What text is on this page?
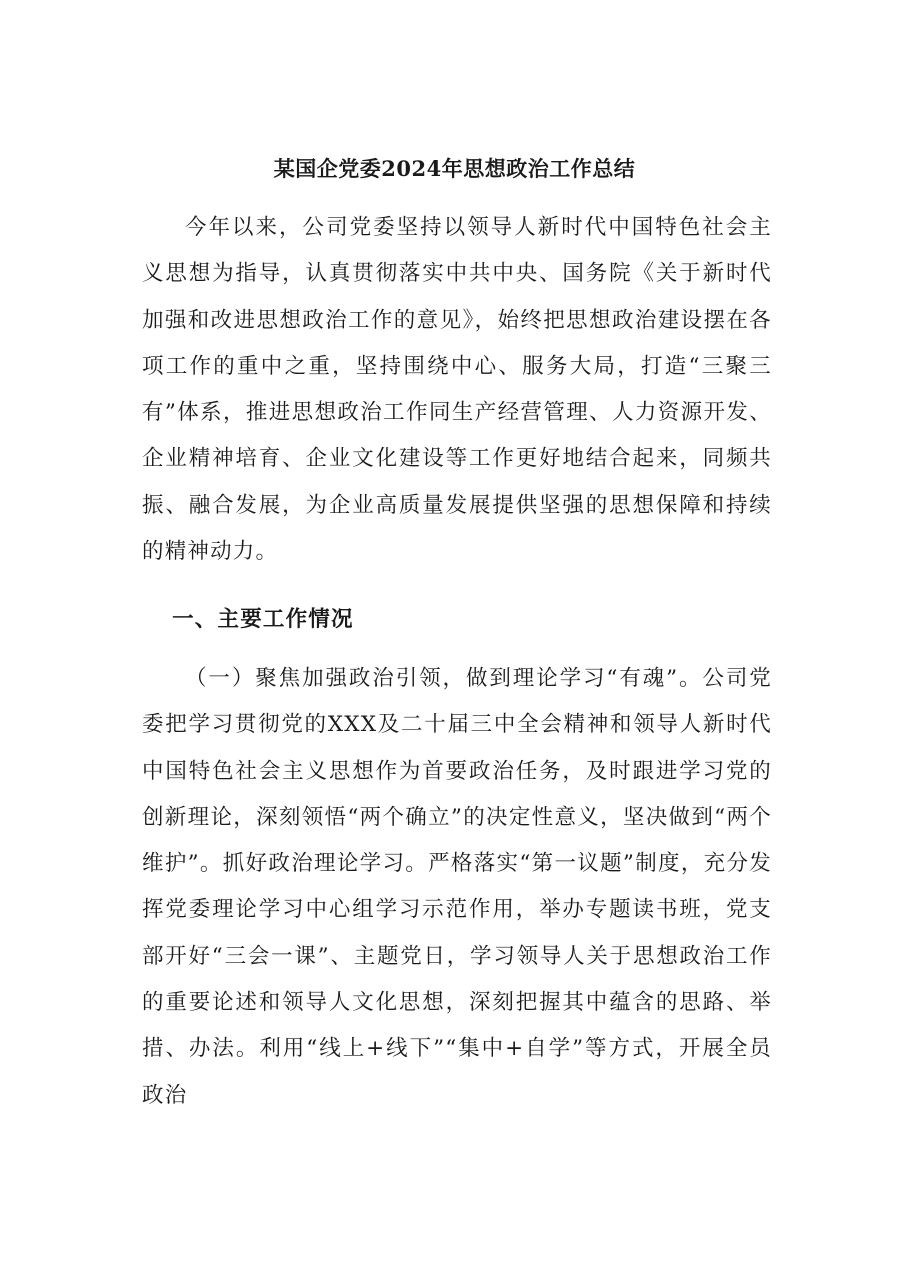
某国企党委2024年思想政治工作总结

今年以来，公司党委坚持以领导人新时代中国特色社会主义思想为指导，认真贯彻落实中共中央、国务院《关于新时代加强和改进思想政治工作的意见》，始终把思想政治建设摆在各项工作的重中之重，坚持围绕中心、服务大局，打造“三聚三有”体系，推进思想政治工作同生产经营管理、人力资源开发、企业精神培育、企业文化建设等工作更好地结合起来，同频共振、融合发展，为企业高质量发展提供坚强的思想保障和持续的精神动力。

一、主要工作情况

（一）聚焦加强政治引领，做到理论学习“有魂”。公司党委把学习贯彻党的XXX及二十届三中全会精神和领导人新时代中国特色社会主义思想作为首要政治任务，及时跟进学习党的创新理论，深刻领悟“两个确立”的决定性意义，坚决做到“两个维护”。抓好政治理论学习。严格落实“第一议题”制度，充分发挥党委理论学习中心组学习示范作用，举办专题读书班，党支部开好“三会一课”、主题党日，学习领导人关于思想政治工作的重要论述和领导人文化思想，深刻把握其中蕴含的思路、举措、办法。利用“线上+线下”“集中+自学”等方式，开展全员政治
